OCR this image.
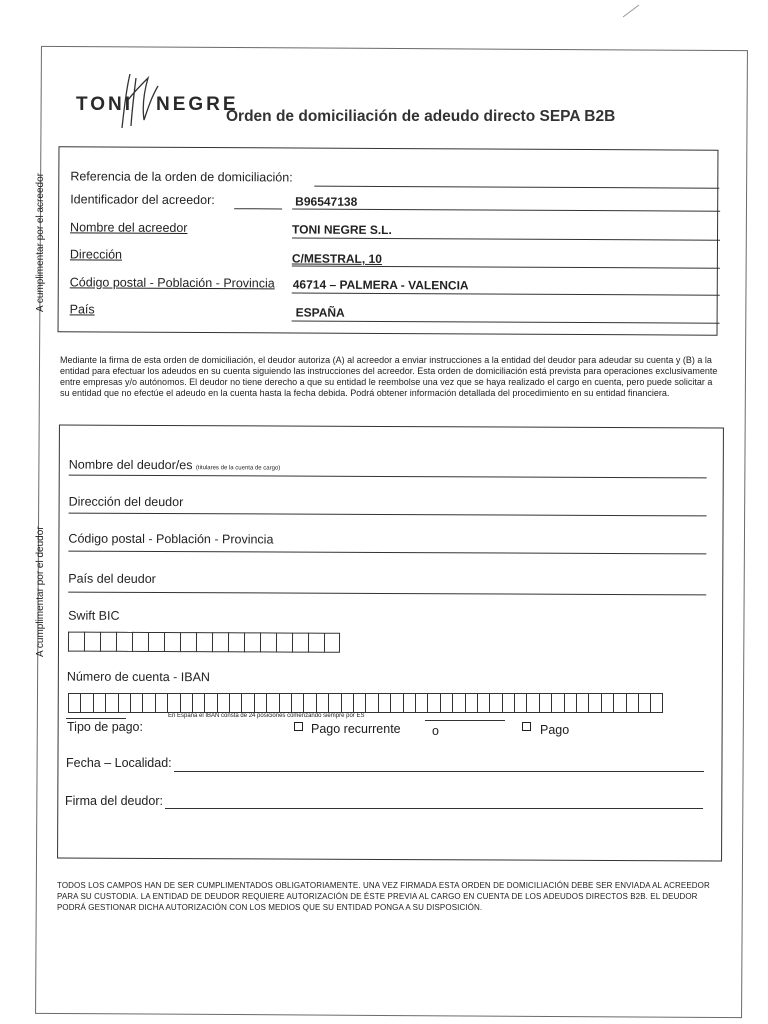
TONI NEGRE
Orden de domiciliación de adeudo directo SEPA B2B
A cumplimentar por el acreedor
A cumplimentar por el deudor
Referencia de la orden de domiciliación:
Identificador del acreedor:	B96547138
Nombre del acreedor	TONI NEGRE S.L.
Dirección	C/MESTRAL, 10
Código postal - Población - Provincia 46714 – PALMERA - VALENCIA
País	ESPAÑA

Mediante la firma de esta orden de domiciliación, el deudor autoriza (A) al acreedor a enviar instrucciones a la entidad del deudor para adeudar su cuenta y (B) a la entidad para efectuar los adeudos en su cuenta siguiendo las instrucciones del acreedor. Esta orden de domiciliación está prevista para operaciones exclusivamente entre empresas y/o autónomos. El deudor no tiene derecho a que su entidad le reembolse una vez que se haya realizado el cargo en cuenta, pero puede solicitar a su entidad que no efectúe el adeudo en la cuenta hasta la fecha debida. Podrá obtener información detallada del procedimiento en su entidad financiera.

Nombre del deudor/es (titulares de la cuenta de cargo)
Dirección del deudor
Código postal - Población - Provincia
País del deudor
Swift BIC
Número de cuenta - IBAN
En España el IBAN consta de 24 posiciones comenzando siempre por ES
Tipo de pago:	Pago recurrente	o	Pago
Fecha – Localidad:
Firma del deudor:

TODOS LOS CAMPOS HAN DE SER CUMPLIMENTADOS OBLIGATORIAMENTE. UNA VEZ FIRMADA ESTA ORDEN DE DOMICILIACIÓN DEBE SER ENVIADA AL ACREEDOR PARA SU CUSTODIA. LA ENTIDAD DE DEUDOR REQUIERE AUTORIZACIÓN DE ÉSTE PREVIA AL CARGO EN CUENTA DE LOS ADEUDOS DIRECTOS B2B. EL DEUDOR PODRÁ GESTIONAR DICHA AUTORIZACIÓN CON LOS MEDIOS QUE SU ENTIDAD PONGA A SU DISPOSICIÓN.
